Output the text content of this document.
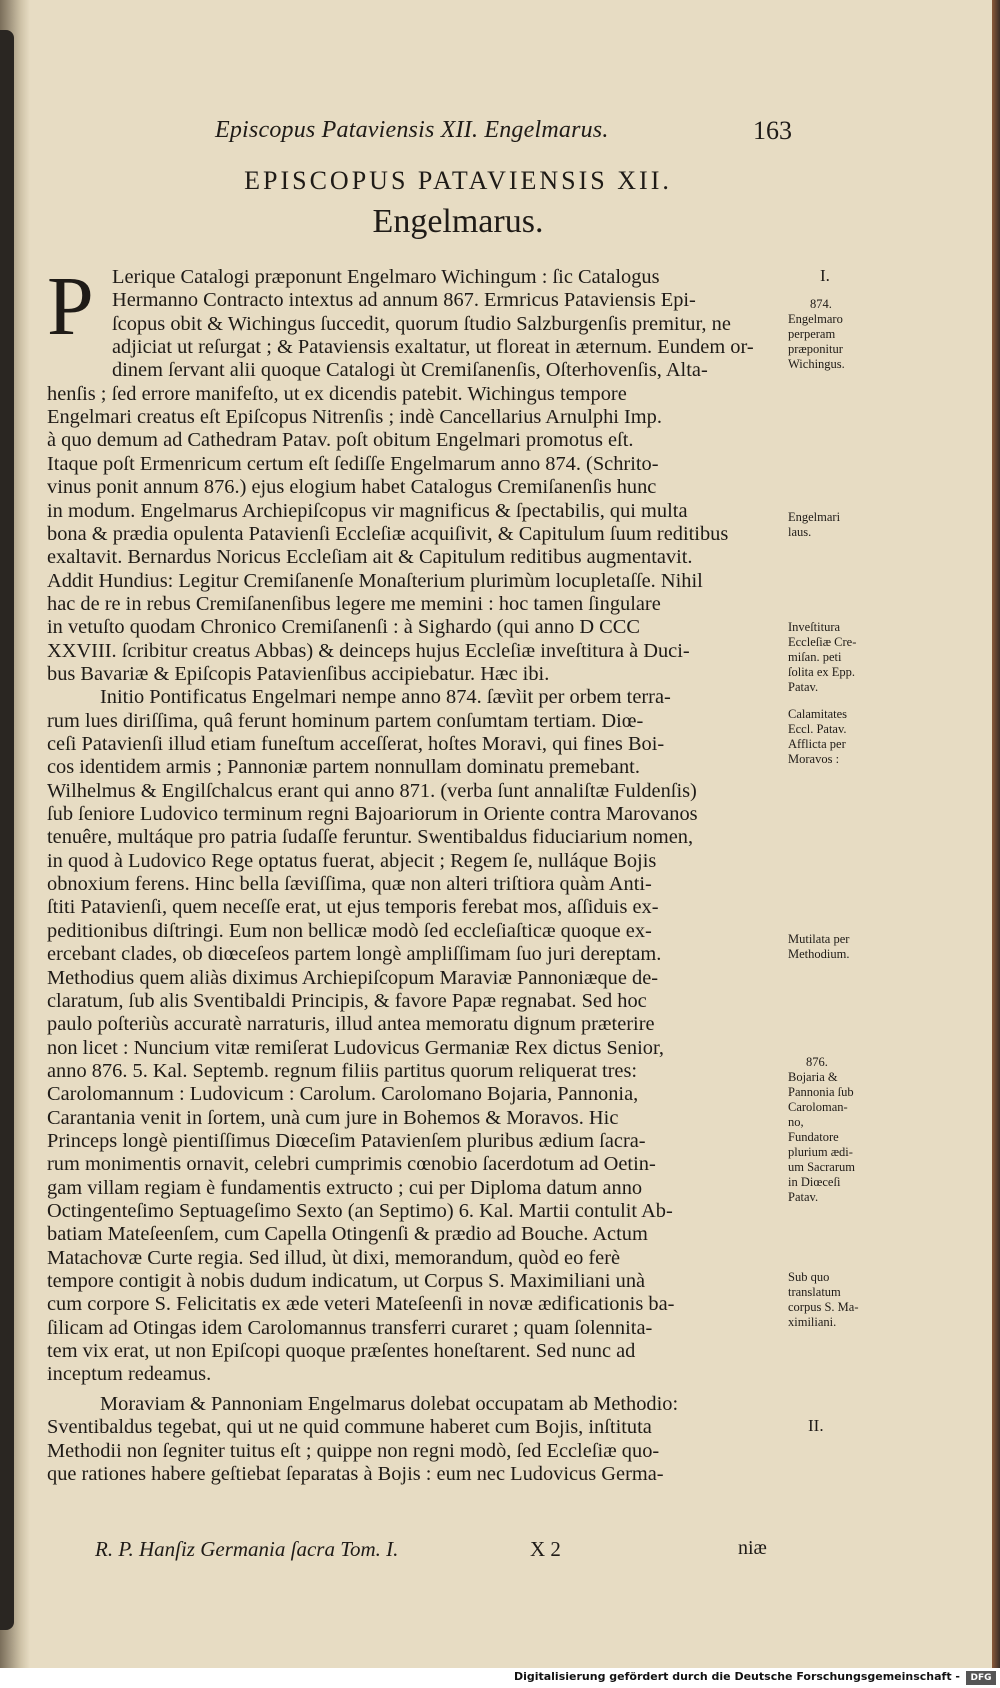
Episcopus Pataviensis XII. Engelmarus.	163
EPISCOPUS PATAVIENSIS XII.
Engelmarus.
P Lerique Catalogi præponunt Engelmaro Wichingum : ſic Catalogus
Hermanno Contracto intextus ad annum 867. Ermricus Pataviensis Epi-
ſcopus obit & Wichingus ſuccedit, quorum ſtudio Salzburgenſis premitur, ne
adjiciat ut reſurgat ; & Pataviensis exaltatur, ut floreat in æternum. Eundem or-
dinem ſervant alii quoque Catalogi ùt Cremiſanenſis, Oſterhovenſis, Alta-
henſis ; ſed errore manifeſto, ut ex dicendis patebit. Wichingus tempore
Engelmari creatus eſt Epiſcopus Nitrenſis ; indè Cancellarius Arnulphi Imp.
à quo demum ad Cathedram Patav. poſt obitum Engelmari promotus eſt.
Itaque poſt Ermenricum certum eſt ſediſſe Engelmarum anno 874. (Schrito-
vinus ponit annum 876.) ejus elogium habet Catalogus Cremiſanenſis hunc
in modum. Engelmarus Archiepiſcopus vir magnificus & ſpectabilis, qui multa
bona & prædia opulenta Patavienſi Eccleſiæ acquiſivit, & Capitulum ſuum reditibus
exaltavit. Bernardus Noricus Eccleſiam ait & Capitulum reditibus augmentavit.
Addit Hundius: Legitur Cremiſanenſe Monaſterium plurimùm locupletaſſe. Nihil
hac de re in rebus Cremiſanenſibus legere me memini : hoc tamen ſingulare
in vetuſto quodam Chronico Cremiſanenſi : à Sighardo (qui anno D CCC
XXVIII. ſcribitur creatus Abbas) & deinceps hujus Eccleſiæ inveſtitura à Duci-
bus Bavariæ & Epiſcopis Patavienſibus accipiebatur. Hæc ibi.
Initio Pontificatus Engelmari nempe anno 874. ſævìit per orbem terra-
rum lues diriſſima, quâ ferunt hominum partem conſumtam tertiam. Diœ-
ceſi Patavienſi illud etiam funeſtum acceſſerat, hoſtes Moravi, qui fines Boi-
cos identidem armis ; Pannoniæ partem nonnullam dominatu premebant.
Wilhelmus & Engilſchalcus erant qui anno 871. (verba ſunt annaliſtæ Fuldenſis)
ſub ſeniore Ludovico terminum regni Bajoariorum in Oriente contra Marovanos
tenuêre, multáque pro patria ſudaſſe feruntur. Swentibaldus fiduciarium nomen,
in quod à Ludovico Rege optatus fuerat, abjecit ; Regem ſe, nulláque Bojis
obnoxium ferens. Hinc bella ſæviſſima, quæ non alteri triſtiora quàm Anti-
ſtiti Patavienſi, quem neceſſe erat, ut ejus temporis ferebat mos, aſſiduis ex-
peditionibus diſtringi. Eum non bellicæ modò ſed eccleſiaſticæ quoque ex-
ercebant clades, ob diœceſeos partem longè ampliſſimam ſuo juri dereptam.
Methodius quem aliàs diximus Archiepiſcopum Maraviæ Pannoniæque de-
claratum, ſub alis Sventibaldi Principis, & favore Papæ regnabat. Sed hoc
paulo poſteriùs accuratè narraturis, illud antea memoratu dignum præterire
non licet : Nuncium vitæ remiſerat Ludovicus Germaniæ Rex dictus Senior,
anno 876. 5. Kal. Septemb. regnum filiis partitus quorum reliquerat tres:
Carolomannum : Ludovicum : Carolum. Carolomano Bojaria, Pannonia,
Carantania venit in ſortem, unà cum jure in Bohemos & Moravos. Hic
Princeps longè pientiſſimus Diœceſim Patavienſem pluribus ædium ſacra-
rum monimentis ornavit, celebri cumprimis cœnobio ſacerdotum ad Oetin-
gam villam regiam è fundamentis extructo ; cui per Diploma datum anno
Octingenteſimo Septuageſimo Sexto (an Septimo) 6. Kal. Martii contulit Ab-
batiam Mateſeenſem, cum Capella Otingenſi & prædio ad Bouche. Actum
Matachovæ Curte regia. Sed illud, ùt dixi, memorandum, quòd eo ferè
tempore contigit à nobis dudum indicatum, ut Corpus S. Maximiliani unà
cum corpore S. Felicitatis ex æde veteri Mateſeenſi in novæ ædificationis ba-
ſilicam ad Otingas idem Carolomannus transferri curaret ; quam ſolennita-
tem vix erat, ut non Epiſcopi quoque præſentes honeſtarent. Sed nunc ad
inceptum redeamus.
Moraviam & Pannoniam Engelmarus dolebat occupatam ab Methodio:
Sventibaldus tegebat, qui ut ne quid commune haberet cum Bojis, inſtituta
Methodii non ſegniter tuitus eſt ; quippe non regni modò, ſed Eccleſiæ quo-
que rationes habere geſtiebat ſeparatas à Bojis : eum nec Ludovicus Germa-
I.
874.
Engelmaro
perperam
præponitur
Wichingus.
Engelmari
laus.
Inveſtitura
Eccleſiæ Cre-
miſan. peti
ſolita ex Epp.
Patav.
Calamitates
Eccl. Patav.
Afflicta per
Moravos :
Mutilata per
Methodium.
876.
Bojaria &
Pannonia ſub
Caroloman-
no,
Fundatore
plurium ædi-
um Sacrarum
in Diœceſi
Patav.
Sub quo
translatum
corpus S. Ma-
ximiliani.
II.
R. P. Hanſiz Germania ſacra Tom. I.	X 2	niæ
Digitalisierung gefördert durch die Deutsche Forschungsgemeinschaft -	DFG
